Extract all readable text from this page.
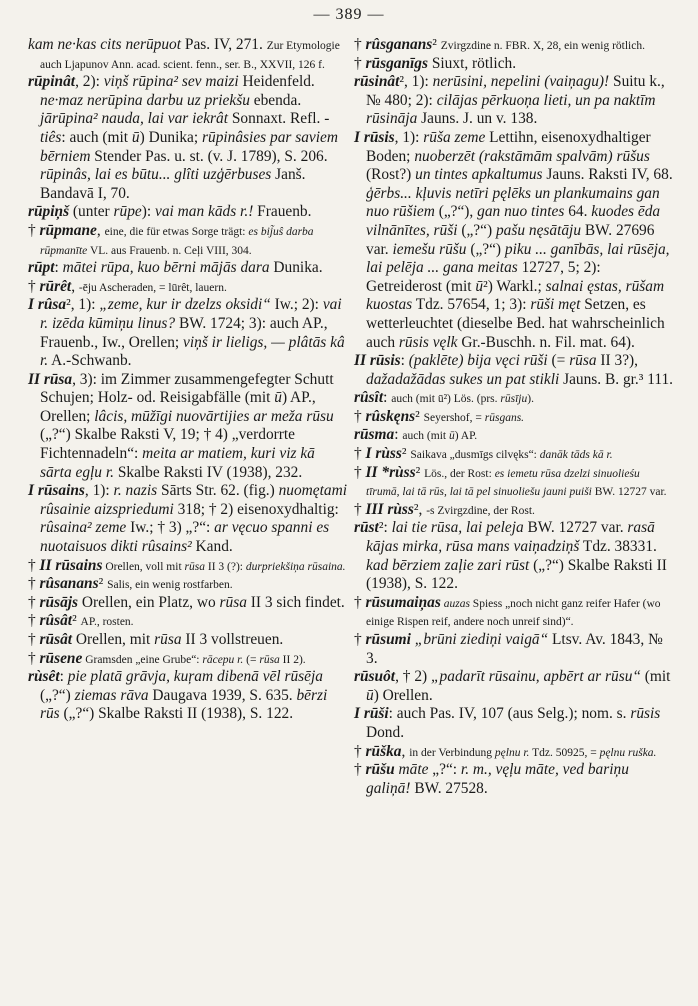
— 389 —

kam ne·kas cits nerūpuot Pas. IV, 271. Zur Etymologie auch Ljapunov Ann. acad. scient. fenn., ser. B., XXVII, 126 f.

rūpinât, 2): viņš rūpina² sev maizi Heidenfeld. ne·maz nerūpina darbu uz priekšu ebenda. jārūpina² nauda, lai var iekrât Sonnaxt. Refl. -tiês: auch (mit ū) Dunika; rūpinâsies par saviem bērniem Stender Pas. u. st. (v. J. 1789), S. 206. rūpinâs, lai es būtu... glîti uzģērbuses Janš. Bandavā I, 70.

rūpiņš (unter rūpe): vai man kāds r.! Frauenb.

† rūpmane, eine, die für etwas Sorge trägt: es bij̃uŝ darba rūpmanīte VL. aus Frauenb. n. Ceļi VIII, 304.

rūpt: mātei rūpa, kuo bērni mājās dara Dunika.

† rūrêt, -ēju Ascheraden, = lūrêt, lauern.

I rûsa², 1): „zeme, kur ir dzelzs oksidi“ Iw.; 2): vai r. izēda kūmiņu linus? BW. 1724; 3): auch AP., Frauenb., Iw., Orellen; viņš ir lieligs, — plâtās kâ r. A.-Schwanb.

II rūsa, 3): im Zimmer zusammengefegter Schutt Schujen; Holz- od. Reisigabfälle (mit ū) AP., Orellen; lâcis, mūžīgi nuovārtijies ar meža rūsu („?“) Skalbe Raksti V, 19; † 4) „verdorrte Fichtennadeln“: meita ar matiem, kuri viz kā sārta egļu r. Skalbe Raksti IV (1938), 232.

I rūsains, 1): r. nazis Sārts Str. 62. (fig.) nuomętami rûsainie aizspriedumi 318; † 2) eisenoxydhaltig: rûsaina² zeme Iw.; † 3) „?“: ar vęcuo spanni es nuotaisuos dikti rûsains² Kand.

† II rūsains Orellen, voll mit rūsa II 3 (?): durpriekšiņa rūsaina.

† rûsanans² Salis, ein wenig rostfarben.

† rūsājs Orellen, ein Platz, wo rūsa II 3 sich findet.

† rûsât² AP., rosten.

† rūsât Orellen, mit rūsa II 3 vollstreuen.

† rūsene Gramsden „eine Grube“: rācepu r. (= rūsa II 2).

rùsêt: pie platā grāvja, kuŗam dibenā vēl rūsēja („?“) ziemas rāva Daugava 1939, S. 635. bērzi rūs („?“) Skalbe Raksti II (1938), S. 122.

† rûsganans² Zvirgzdine n. FBR. X, 28, ein wenig rötlich.

† rūsganīgs Siuxt, rötlich.

rūsinât², 1): nerūsini, nepelini (vaiņagu)! Suitu k., № 480; 2): cilājas pērkuoņa lieti, un pa naktīm rūsināja Jauns. J. un v. 138.

I rūsis, 1): rūša zeme Lettihn, eisenoxydhaltiger Boden; nuoberzēt (rakstāmām spalvām) rūšus (Rost?) un tintes apkaltumus Jauns. Raksti IV, 68. ģērbs... kļuvis netīri pęlēks un plankumains gan nuo rūšiem („?“), gan nuo tintes 64. kuodes ēda vilnānītes, rūši („?“) pašu nęsātāju BW. 27696 var. iemešu rūšu („?“) piku ... ganībās, lai rūsēja, lai pelēja ... gana meitas 12727, 5; 2): Getreiderost (mit ū²) Warkl.; salnai ęstas, rūšam kuostas Tdz. 57654, 1; 3): rūši męt Setzen, es wetterleuchtet (dieselbe Bed. hat wahrscheinlich auch rūsis vęlk Gr.-Buschh. n. Fil. mat. 64).

II rūsis: (paklēte) bija vęci rūši (= rūsa II 3?), dažadažādas sukes un pat stikli Jauns. B. gr.³ 111.

rûsît: auch (mit ū²) Lös. (prs. rūsīju).

† rûskęns² Seyershof, = rūsgans.

rūsma: auch (mit ū) AP.

† I rùss² Saikava „dusmīgs cilvęks“: danāk tāds kā r.

† II *rùss² Lös., der Rost: es iemetu rūsa dzelzi sinuolieśu tīrumā, lai tā rūs, lai tā pel sinuoliešu jauni puiši BW. 12727 var.

† III rùss², -s Zvirgzdine, der Rost.

rūst²: lai tie rūsa, lai peleja BW. 12727 var. rasā kājas mirka, rūsa mans vaiņadziņš Tdz. 38331. kad bērziem zaļie zari rūst („?“) Skalbe Raksti II (1938), S. 122.

† rūsumaiņas auzas Spiess „noch nicht ganz reifer Hafer (wo einige Rispen reif, andere noch unreif sind)“.

† rūsumi „brūni ziediņi vaigā“ Ltsv. Av. 1843, № 3.

rūsuôt, † 2) „padarīt rūsainu, apbērt ar rūsu“ (mit ū) Orellen.

I rūši: auch Pas. IV, 107 (aus Selg.); nom. s. rūsis Dond.

† rūška, in der Verbindung pęlnu r. Tdz. 50925, = pęlnu ruška.

† rūšu māte „?“: r. m., vęļu māte, ved bariņu galiņā! BW. 27528.
